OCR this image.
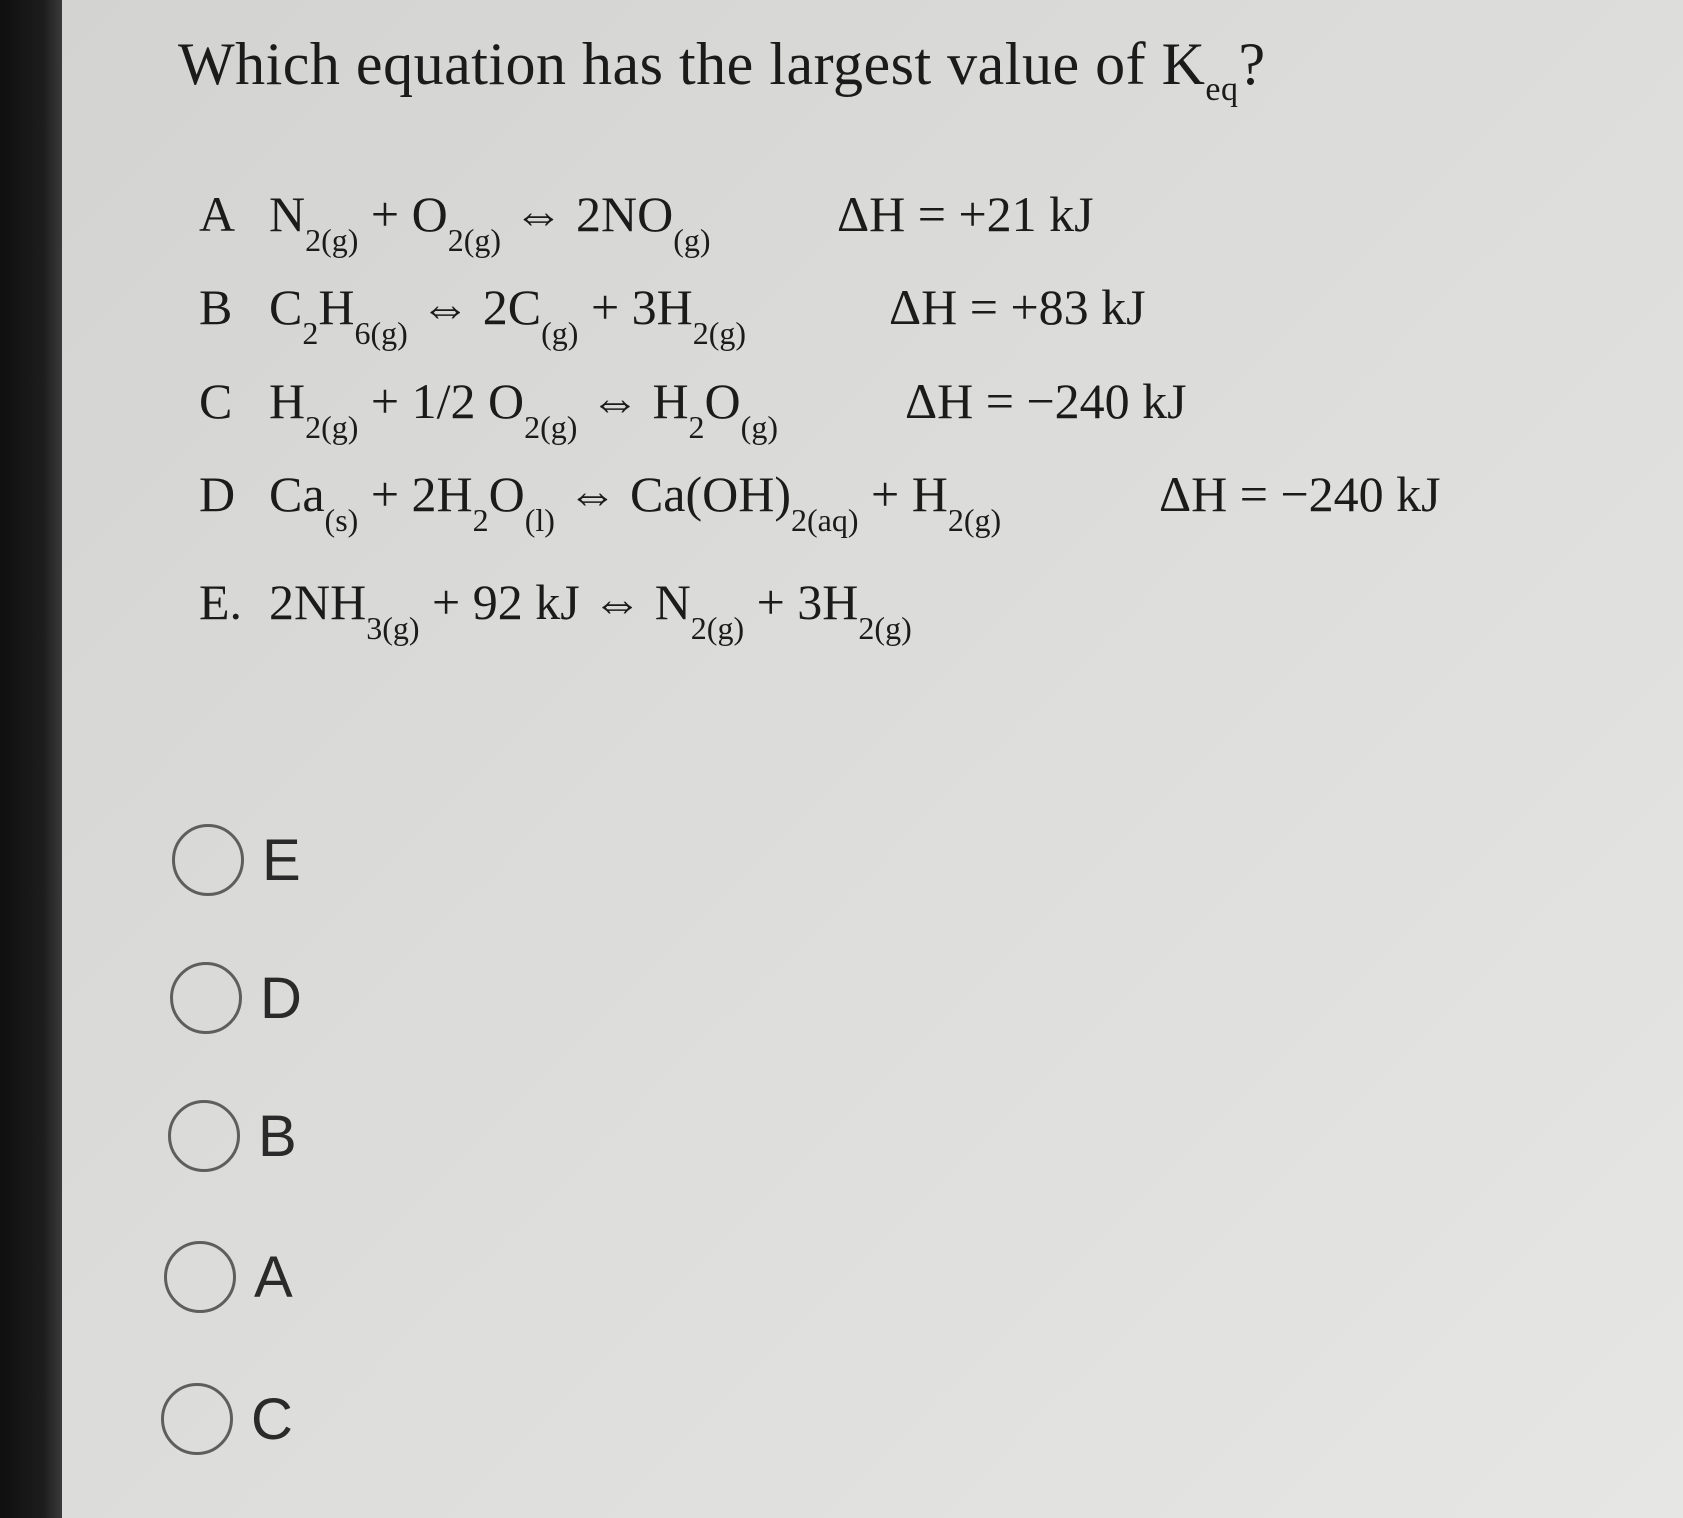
Which equation has the largest value of $K_{eq}$?
A $N_{2(g)} + O_{2(g)}$ ⇔ $2NO_{(g)}$	ΔH = +21 kJ
B $C_2H_{6(g)}$ ⇔ $2C_{(g)} + 3H_{2(g)}$	ΔH = +83 kJ
C $H_{2(g)} + 1/2$ $O_{2(g)}$ ⇔ $H_2O_{(g)}$	ΔH = −240 kJ
D $Ca_{(s)} + 2H_2O_{(l)}$ ⇔ $Ca(OH)_{2(aq)} + H_{2(g)}$	ΔH = −240 kJ
E. $2NH_{3(g)} + 92$ kJ ⇔ $N_{2(g)} + 3H_{2(g)}$
E
D
B
A
C
